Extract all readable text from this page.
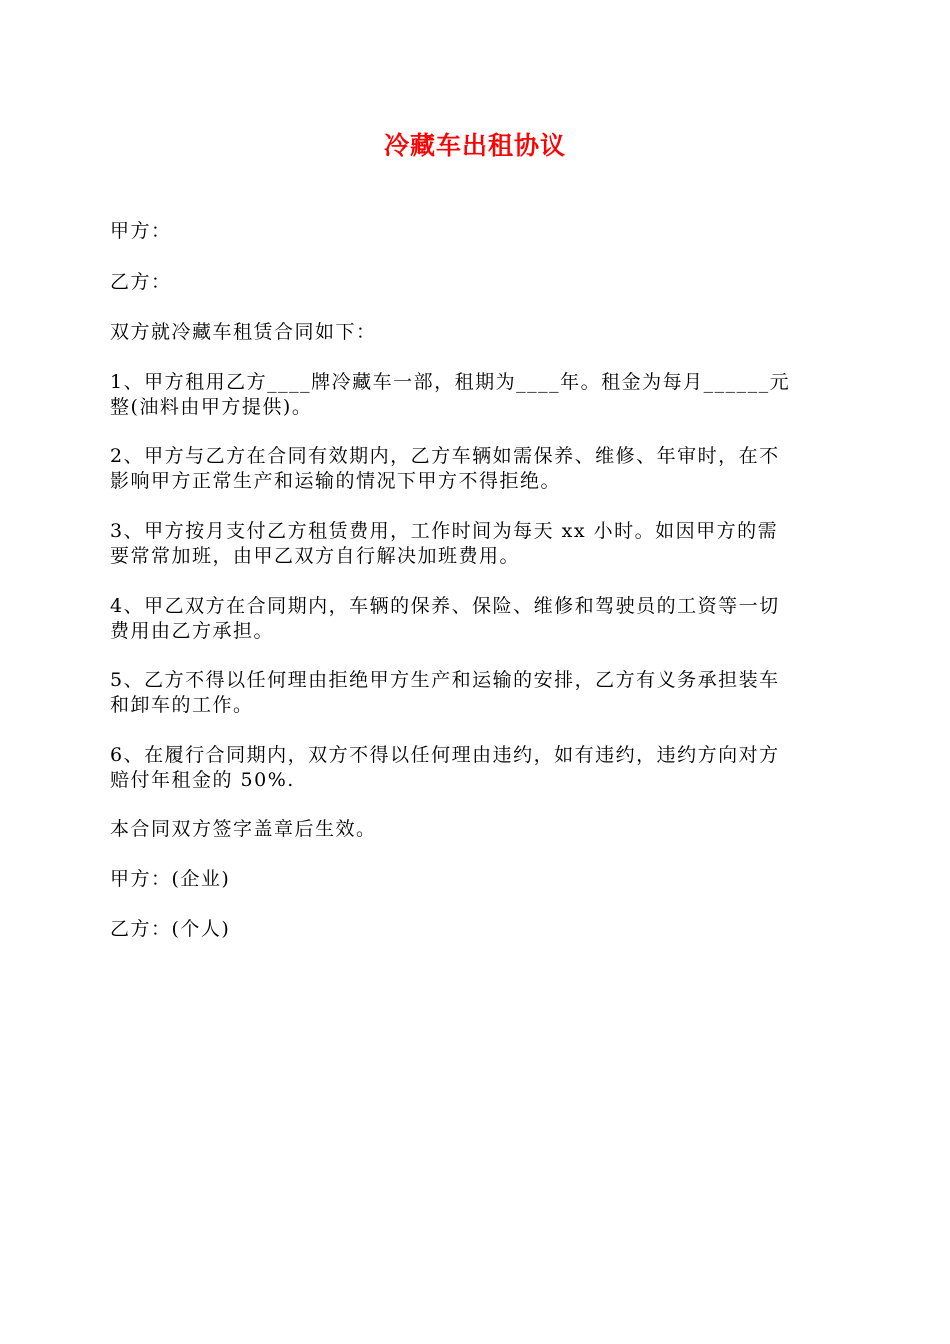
冷藏车出租协议
甲方：
乙方：
双方就冷藏车租赁合同如下：
1、甲方租用乙方____牌冷藏车一部，租期为____年。租金为每月______元
整(油料由甲方提供)。
2、甲方与乙方在合同有效期内，乙方车辆如需保养、维修、年审时，在不
影响甲方正常生产和运输的情况下甲方不得拒绝。
3、甲方按月支付乙方租赁费用，工作时间为每天 xx 小时。如因甲方的需
要常常加班，由甲乙双方自行解决加班费用。
4、甲乙双方在合同期内，车辆的保养、保险、维修和驾驶员的工资等一切
费用由乙方承担。
5、乙方不得以任何理由拒绝甲方生产和运输的安排，乙方有义务承担装车
和卸车的工作。
6、在履行合同期内，双方不得以任何理由违约，如有违约，违约方向对方
赔付年租金的 50%.
本合同双方签字盖章后生效。
甲方：(企业)
乙方：(个人)
